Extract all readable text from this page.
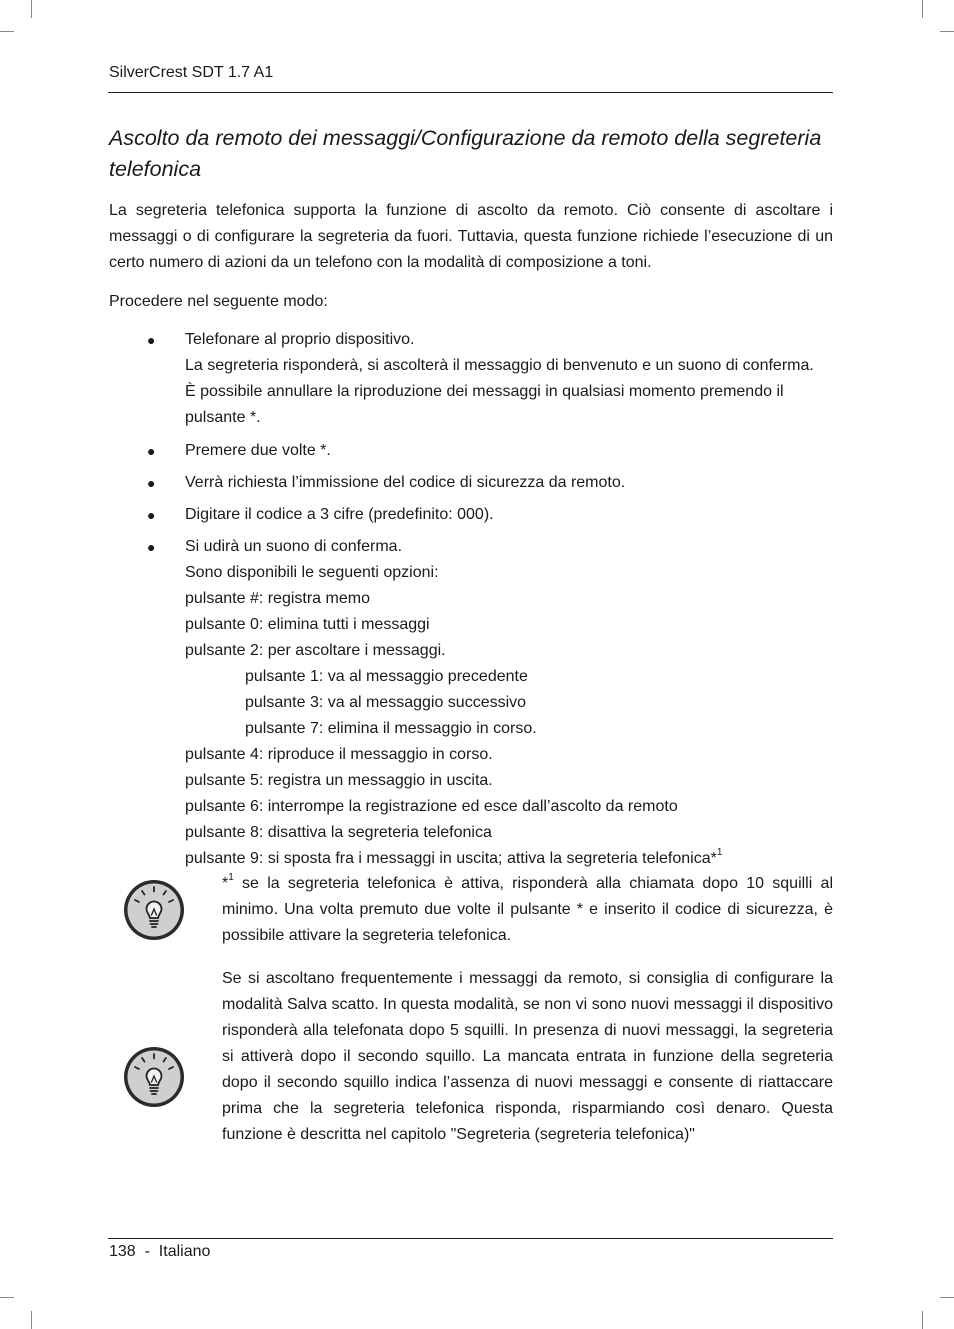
SilverCrest SDT 1.7 A1
Ascolto da remoto dei messaggi/Configurazione da remoto della segreteria telefonica

La segreteria telefonica supporta la funzione di ascolto da remoto. Ciò consente di ascoltare i messaggi o di configurare la segreteria da fuori. Tuttavia, questa funzione richiede l’esecuzione di un certo numero di azioni da un telefono con la modalità di composizione a toni.

Procedere nel seguente modo:

● Telefonare al proprio dispositivo.
La segreteria risponderà, si ascolterà il messaggio di benvenuto e un suono di conferma.
È possibile annullare la riproduzione dei messaggi in qualsiasi momento premendo il
pulsante *.
● Premere due volte *.
● Verrà richiesta l’immissione del codice di sicurezza da remoto.
● Digitare il codice a 3 cifre (predefinito: 000).
● Si udirà un suono di conferma.
Sono disponibili le seguenti opzioni:
pulsante #: registra memo
pulsante 0: elimina tutti i messaggi
pulsante 2: per ascoltare i messaggi.
pulsante 1: va al messaggio precedente
pulsante 3: va al messaggio successivo
pulsante 7: elimina il messaggio in corso.
pulsante 4: riproduce il messaggio in corso.
pulsante 5: registra un messaggio in uscita.
pulsante 6: interrompe la registrazione ed esce dall’ascolto da remoto
pulsante 8: disattiva la segreteria telefonica
pulsante 9: si sposta fra i messaggi in uscita; attiva la segreteria telefonica*$^1$

*$^1$ se la segreteria telefonica è attiva, risponderà alla chiamata dopo 10 squilli al minimo. Una volta premuto due volte il pulsante * e inserito il codice di sicurezza, è possibile attivare la segreteria telefonica.

Se si ascoltano frequentemente i messaggi da remoto, si consiglia di configurare la modalità Salva scatto. In questa modalità, se non vi sono nuovi messaggi il dispositivo risponderà alla telefonata dopo 5 squilli. In presenza di nuovi messaggi, la segreteria si attiverà dopo il secondo squillo. La mancata entrata in funzione della segreteria dopo il secondo squillo indica l’assenza di nuovi messaggi e consente di riattaccare prima che la segreteria telefonica risponda, risparmiando così denaro. Questa funzione è descritta nel capitolo "Segreteria (segreteria telefonica)"

138  -  Italiano
